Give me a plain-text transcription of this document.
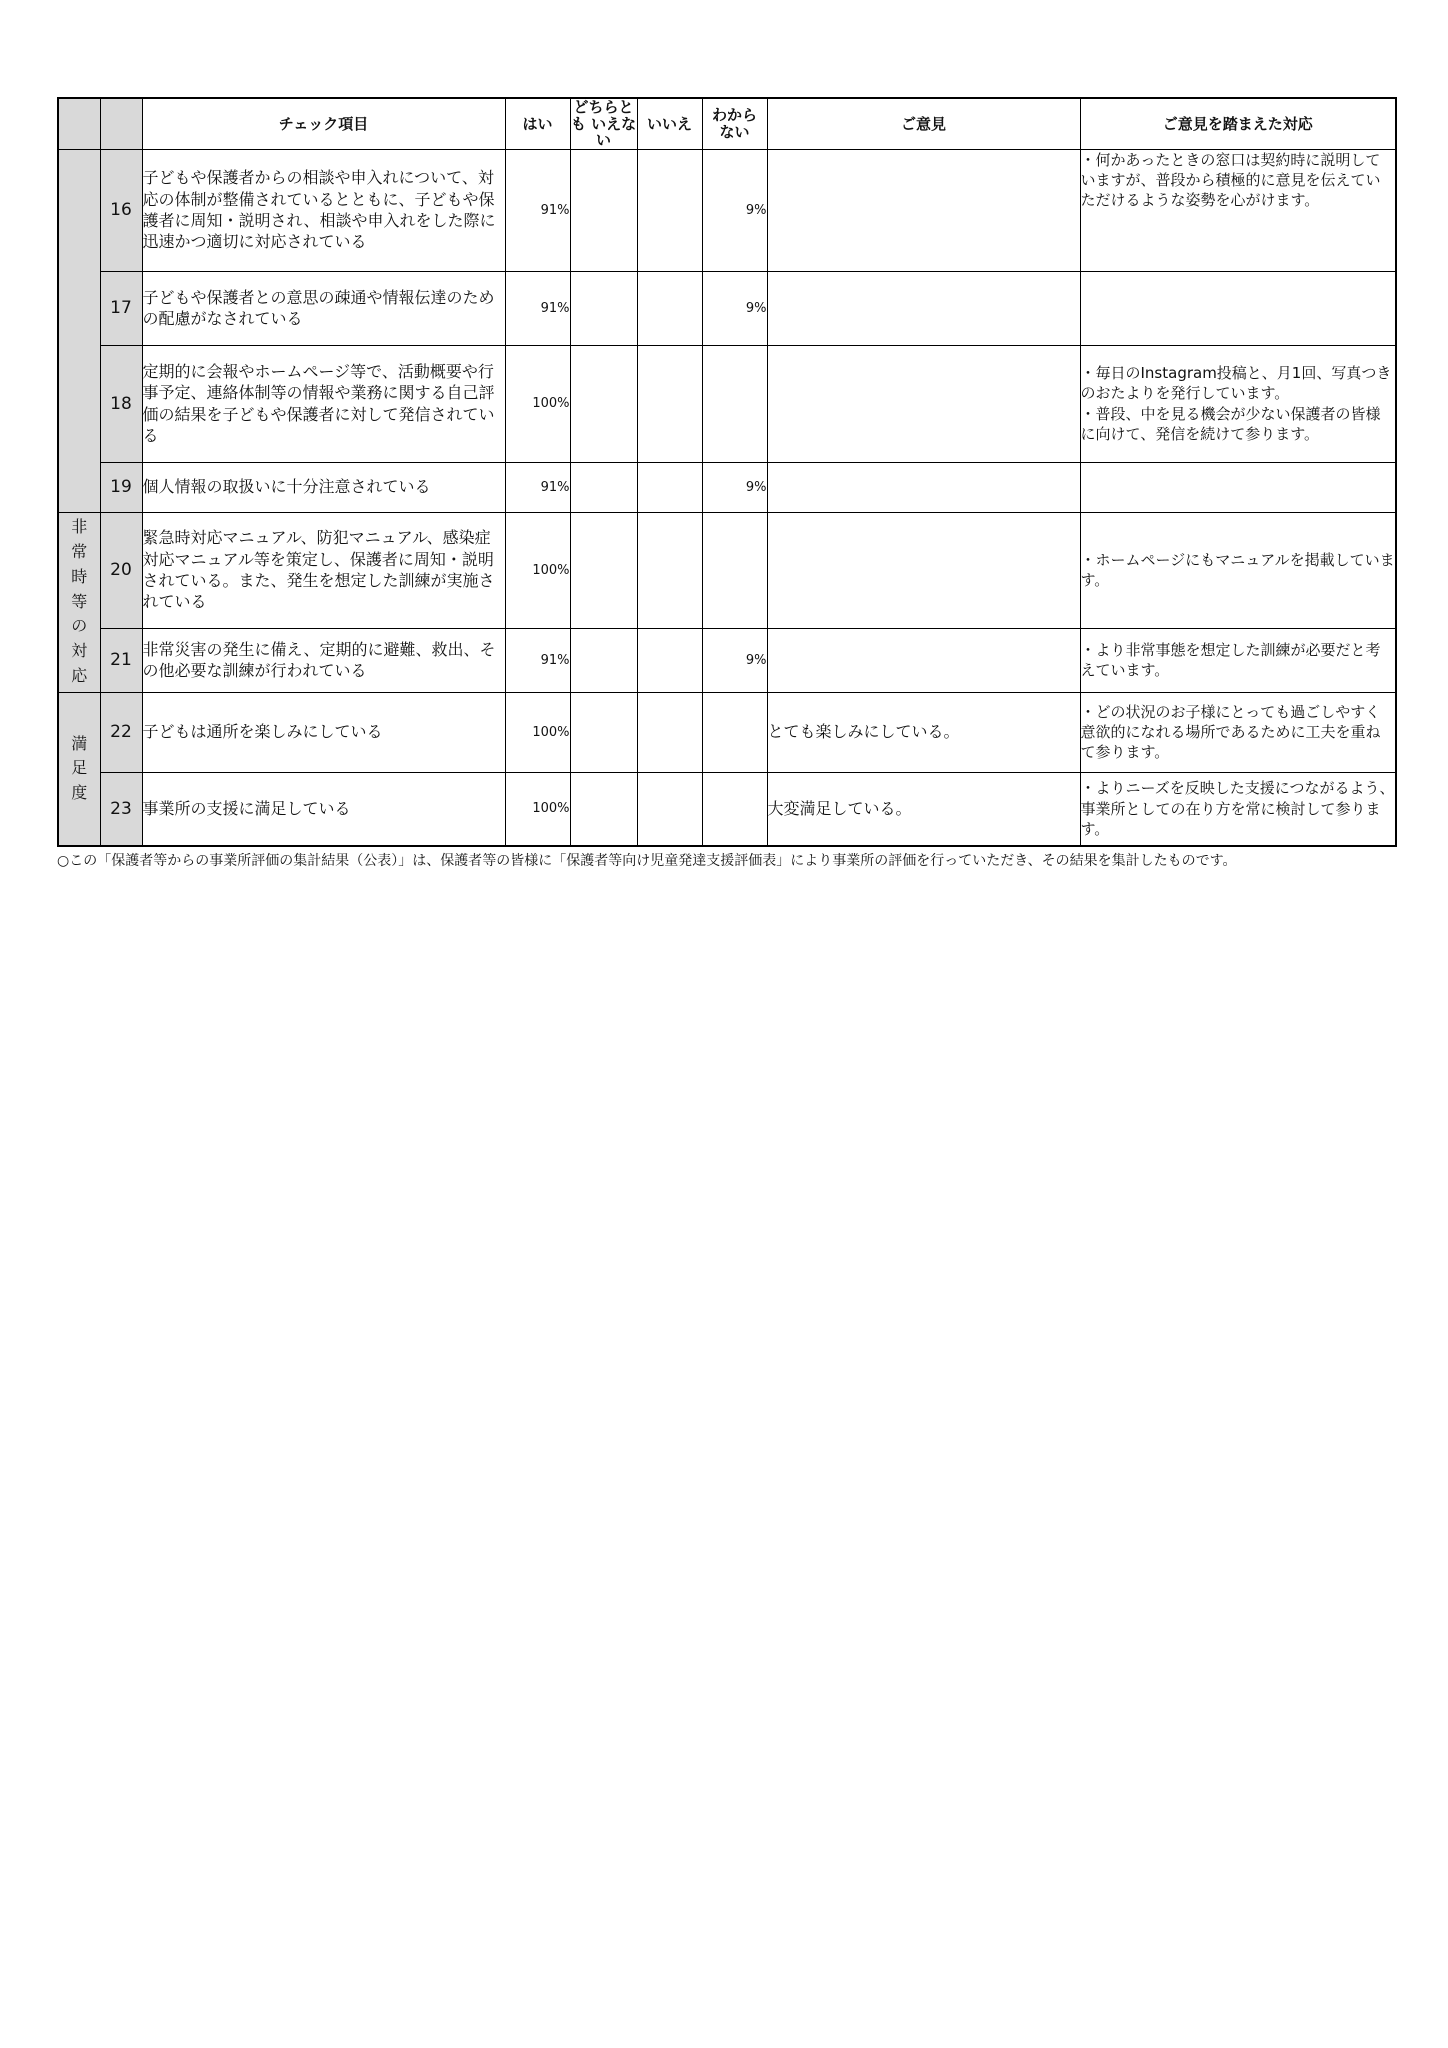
		チェック項目	はい	どちらとも いえない	いいえ	わから ない	ご意見	ご意見を踏まえた対応
	16	子どもや保護者からの相談や申入れについて、対応の体制が整備されているとともに、子どもや保護者に周知・説明され、相談や申入れをした際に迅速かつ適切に対応されている	91%			9%		・何かあったときの窓口は契約時に説明していますが、普段から積極的に意見を伝えていただけるような姿勢を心がけます。

	17	子どもや保護者との意思の疎通や情報伝達のための配慮がなされている	91%			9%		
	18	定期的に会報やホームページ等で、活動概要や行事予定、連絡体制等の情報や業務に関する自己評価の結果を子どもや保護者に対して発信されている	100%					・毎日のInstagram投稿と、月1回、写真つきのおたよりを発行しています。
・普段、中を見る機会が少ない保護者の皆様に向けて、発信を続けて参ります。

	19	個人情報の取扱いに十分注意されている	91%			9%		
非常時等の対応	20	緊急時対応マニュアル、防犯マニュアル、感染症対応マニュアル等を策定し、保護者に周知・説明されている。また、発生を想定した訓練が実施されている	100%					・ホームページにもマニュアルを掲載しています。

	21	非常災害の発生に備え、定期的に避難、救出、その他必要な訓練が行われている	91%			9%		・より非常事態を想定した訓練が必要だと考えています。

満足度	22	子どもは通所を楽しみにしている	100%				とても楽しみにしている。	・どの状況のお子様にとっても過ごしやすく意欲的になれる場所であるために工夫を重ねて参ります。

	23	事業所の支援に満足している	100%				大変満足している。	・よりニーズを反映した支援につながるよう、事業所としての在り方を常に検討して参ります。
○この「保護者等からの事業所評価の集計結果（公表）」は、保護者等の皆様に「保護者等向け児童発達支援評価表」により事業所の評価を行っていただき、その結果を集計したものです。
